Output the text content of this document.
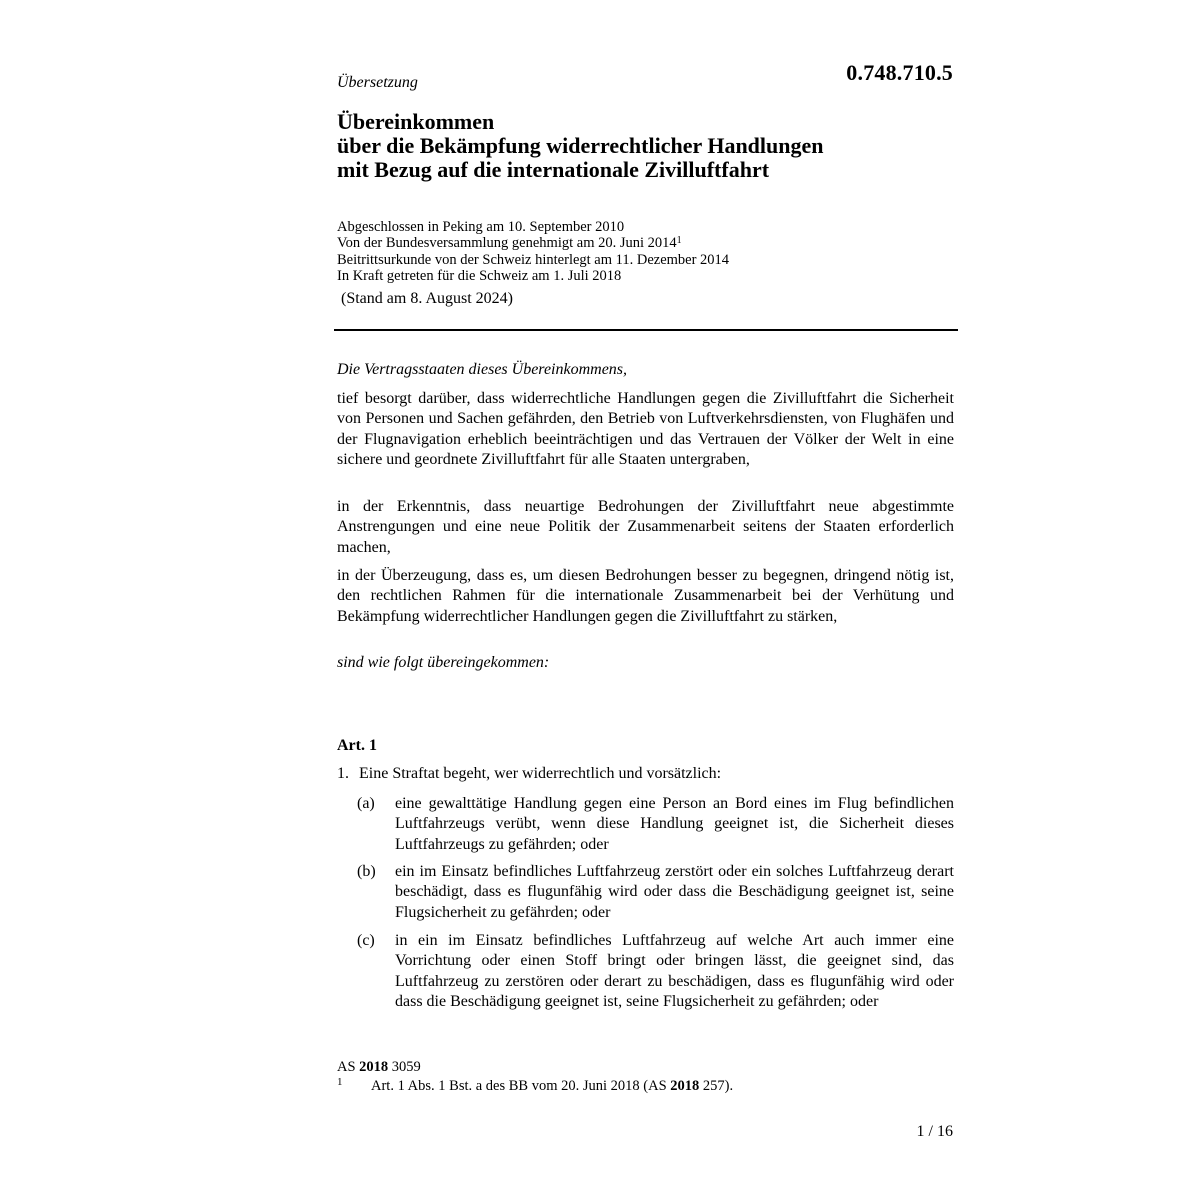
0.748.710.5
Übersetzung
Übereinkommen
über die Bekämpfung widerrechtlicher Handlungen
mit Bezug auf die internationale Zivilluftfahrt
Abgeschlossen in Peking am 10. September 2010
Von der Bundesversammlung genehmigt am 20. Juni 2014$^1$
Beitrittsurkunde von der Schweiz hinterlegt am 11. Dezember 2014
In Kraft getreten für die Schweiz am 1. Juli 2018
(Stand am 8. August 2024)
Die Vertragsstaaten dieses Übereinkommens,
tief besorgt darüber, dass widerrechtliche Handlungen gegen die Zivilluftfahrt die Sicherheit von Personen und Sachen gefährden, den Betrieb von Luftverkehrsdiensten, von Flughäfen und der Flugnavigation erheblich beeinträchtigen und das Vertrauen der Völker der Welt in eine sichere und geordnete Zivilluftfahrt für alle Staaten untergraben,
in der Erkenntnis, dass neuartige Bedrohungen der Zivilluftfahrt neue abgestimmte Anstrengungen und eine neue Politik der Zusammenarbeit seitens der Staaten erforderlich machen,
in der Überzeugung, dass es, um diesen Bedrohungen besser zu begegnen, dringend nötig ist, den rechtlichen Rahmen für die internationale Zusammenarbeit bei der Verhütung und Bekämpfung widerrechtlicher Handlungen gegen die Zivilluftfahrt zu stärken,
sind wie folgt übereingekommen:
Art. 1
1. Eine Straftat begeht, wer widerrechtlich und vorsätzlich:
(a)	eine gewalttätige Handlung gegen eine Person an Bord eines im Flug befindlichen Luftfahrzeugs verübt, wenn diese Handlung geeignet ist, die Sicherheit dieses Luftfahrzeugs zu gefährden; oder
(b)	ein im Einsatz befindliches Luftfahrzeug zerstört oder ein solches Luftfahrzeug derart beschädigt, dass es flugunfähig wird oder dass die Beschädigung geeignet ist, seine Flugsicherheit zu gefährden; oder
(c)	in ein im Einsatz befindliches Luftfahrzeug auf welche Art auch immer eine Vorrichtung oder einen Stoff bringt oder bringen lässt, die geeignet sind, das Luftfahrzeug zu zerstören oder derart zu beschädigen, dass es flugunfähig wird oder dass die Beschädigung geeignet ist, seine Flugsicherheit zu gefährden; oder
AS 2018 3059
1 Art. 1 Abs. 1 Bst. a des BB vom 20. Juni 2018 (AS 2018 257).
1 / 16
